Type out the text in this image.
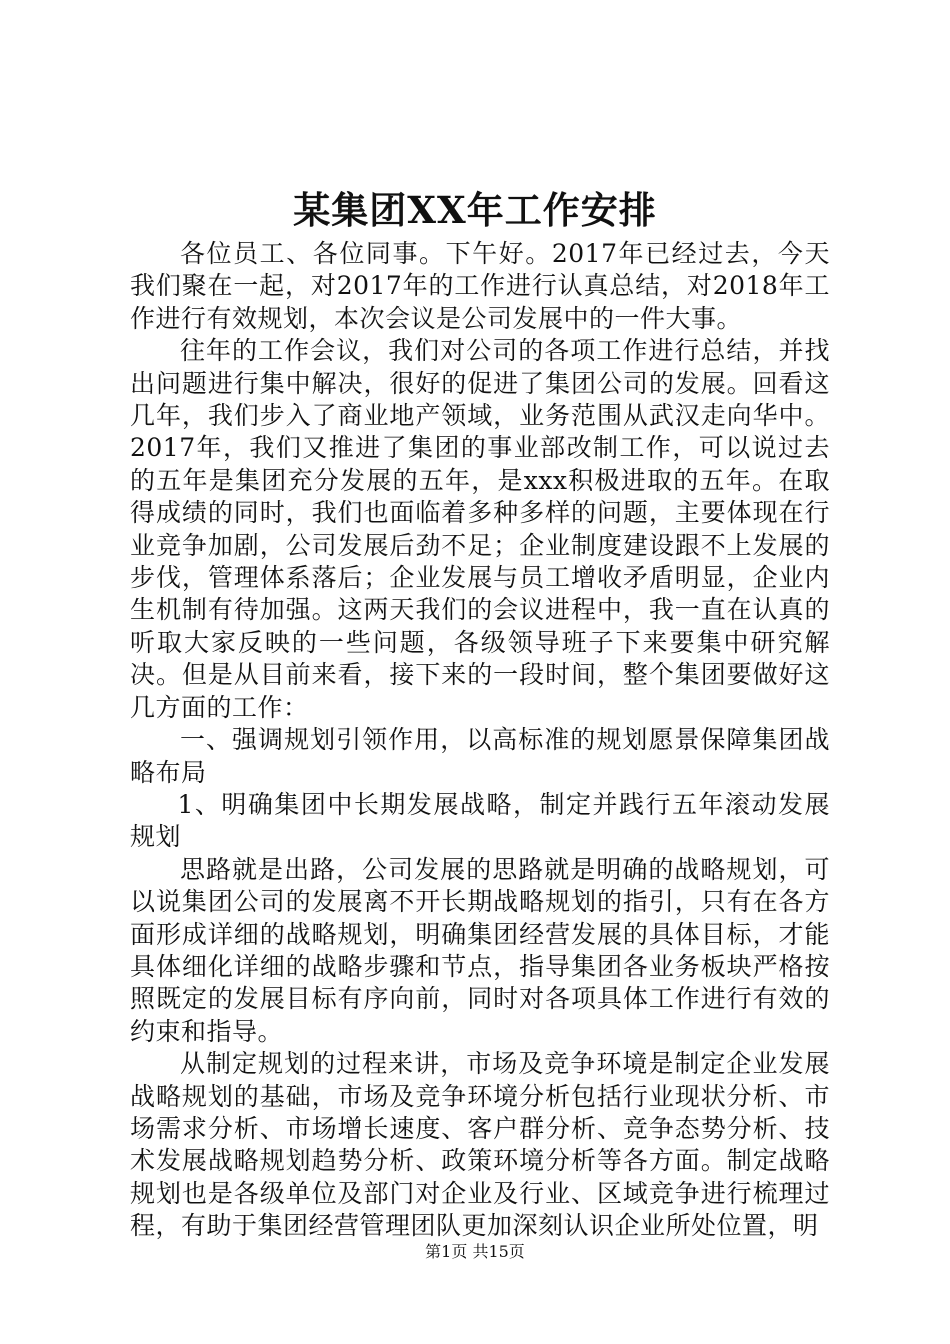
某集团XX年工作安排

各位员工、各位同事。下午好。2017年已经过去，今天我们聚在一起，对2017年的工作进行认真总结，对2018年工作进行有效规划，本次会议是公司发展中的一件大事。

往年的工作会议，我们对公司的各项工作进行总结，并找出问题进行集中解决，很好的促进了集团公司的发展。回看这几年，我们步入了商业地产领域，业务范围从武汉走向华中。2017年，我们又推进了集团的事业部改制工作，可以说过去的五年是集团充分发展的五年，是xxx积极进取的五年。在取得成绩的同时，我们也面临着多种多样的问题，主要体现在行业竞争加剧，公司发展后劲不足；企业制度建设跟不上发展的步伐，管理体系落后；企业发展与员工增收矛盾明显，企业内生机制有待加强。这两天我们的会议进程中，我一直在认真的听取大家反映的一些问题，各级领导班子下来要集中研究解决。但是从目前来看，接下来的一段时间，整个集团要做好这几方面的工作：

一、强调规划引领作用，以高标准的规划愿景保障集团战略布局

1、明确集团中长期发展战略，制定并践行五年滚动发展规划

思路就是出路，公司发展的思路就是明确的战略规划，可以说集团公司的发展离不开长期战略规划的指引，只有在各方面形成详细的战略规划，明确集团经营发展的具体目标，才能具体细化详细的战略步骤和节点，指导集团各业务板块严格按照既定的发展目标有序向前，同时对各项具体工作进行有效的约束和指导。

从制定规划的过程来讲，市场及竞争环境是制定企业发展战略规划的基础，市场及竞争环境分析包括行业现状分析、市场需求分析、市场增长速度、客户群分析、竞争态势分析、技术发展战略规划趋势分析、政策环境分析等各方面。制定战略规划也是各级单位及部门对企业及行业、区域竞争进行梳理过程，有助于集团经营管理团队更加深刻认识企业所处位置，明

第1页 共15页
